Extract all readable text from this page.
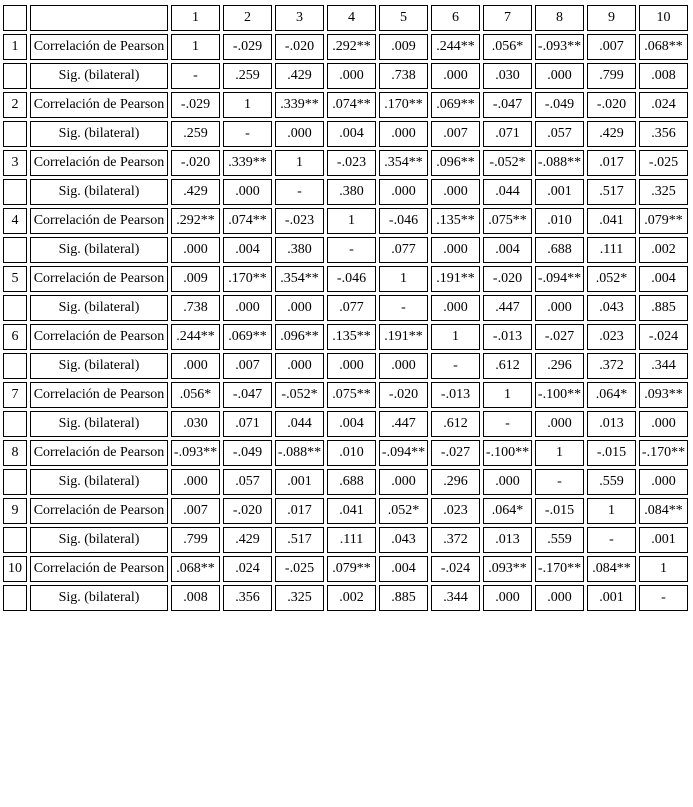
		1	2	3	4	5	6	7	8	9	10
1	Correlación de Pearson	1	-.029	-.020	.292**	.009	.244**	.056*	-.093**	.007	.068**
	Sig. (bilateral)	-	.259	.429	.000	.738	.000	.030	.000	.799	.008
2	Correlación de Pearson	-.029	1	.339**	.074**	.170**	.069**	-.047	-.049	-.020	.024
	Sig. (bilateral)	.259	-	.000	.004	.000	.007	.071	.057	.429	.356
3	Correlación de Pearson	-.020	.339**	1	-.023	.354**	.096**	-.052*	-.088**	.017	-.025
	Sig. (bilateral)	.429	.000	-	.380	.000	.000	.044	.001	.517	.325
4	Correlación de Pearson	.292**	.074**	-.023	1	-.046	.135**	.075**	.010	.041	.079**
	Sig. (bilateral)	.000	.004	.380	-	.077	.000	.004	.688	.111	.002
5	Correlación de Pearson	.009	.170**	.354**	-.046	1	.191**	-.020	-.094**	.052*	.004
	Sig. (bilateral)	.738	.000	.000	.077	-	.000	.447	.000	.043	.885
6	Correlación de Pearson	.244**	.069**	.096**	.135**	.191**	1	-.013	-.027	.023	-.024
	Sig. (bilateral)	.000	.007	.000	.000	.000	-	.612	.296	.372	.344
7	Correlación de Pearson	.056*	-.047	-.052*	.075**	-.020	-.013	1	-.100**	.064*	.093**
	Sig. (bilateral)	.030	.071	.044	.004	.447	.612	-	.000	.013	.000
8	Correlación de Pearson	-.093**	-.049	-.088**	.010	-.094**	-.027	-.100**	1	-.015	-.170**
	Sig. (bilateral)	.000	.057	.001	.688	.000	.296	.000	-	.559	.000
9	Correlación de Pearson	.007	-.020	.017	.041	.052*	.023	.064*	-.015	1	.084**
	Sig. (bilateral)	.799	.429	.517	.111	.043	.372	.013	.559	-	.001
10	Correlación de Pearson	.068**	.024	-.025	.079**	.004	-.024	.093**	-.170**	.084**	1
	Sig. (bilateral)	.008	.356	.325	.002	.885	.344	.000	.000	.001	-
